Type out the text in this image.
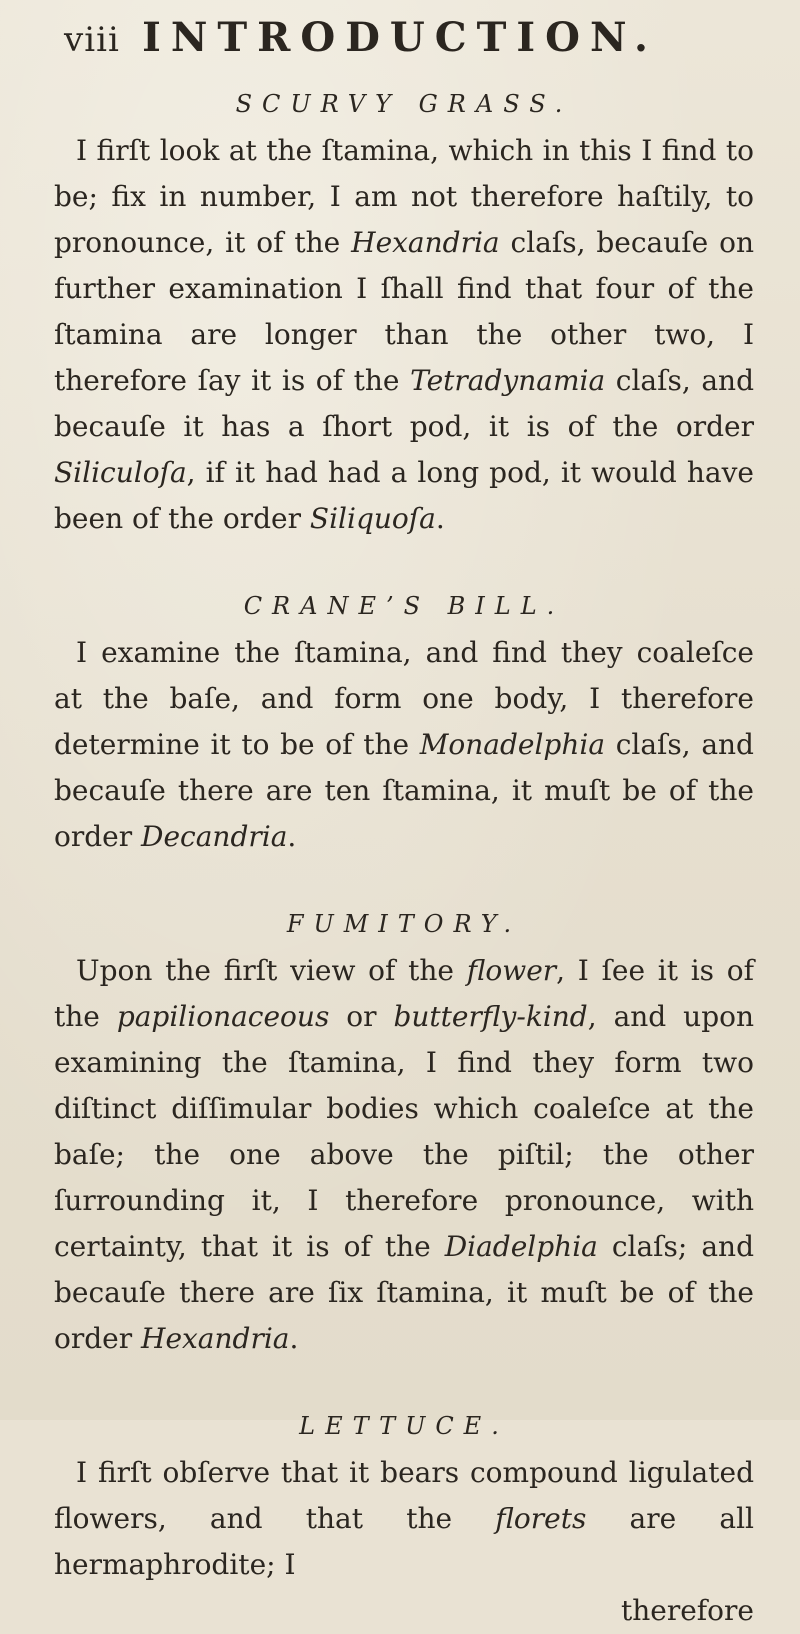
viii INTRODUCTION.
SCURVY GRASS.

I firſt look at the ſtamina, which in this I find to be; fix in number, I am not therefore haſtily, to pronounce, it of the Hexandria claſs, becauſe on further examination I ſhall find that four of the ſtamina are longer than the other two, I therefore ſay it is of the Tetradynamia claſs, and becauſe it has a ſhort pod, it is of the order Siliculoſa, if it had had a long pod, it would have been of the order Siliquoſa.

CRANE’S BILL.

I examine the ſtamina, and find they coaleſce at the baſe, and form one body, I therefore determine it to be of the Monadelphia claſs, and becauſe there are ten ſtamina, it muſt be of the order Decandria.

FUMITORY.

Upon the firſt view of the flower, I ſee it is of the papilionaceous or butterfly-kind, and upon examining the ſtamina, I find they form two diſtinct diſſimular bodies which coaleſce at the baſe; the one above the piſtil; the other ſurrounding it, I therefore pronounce, with certainty, that it is of the Diadelphia claſs; and becauſe there are ſix ſtamina, it muſt be of the order Hexandria.

LETTUCE.

I firſt obſerve that it bears compound ligulated flowers, and that the florets are all hermaphrodite; I

therefore
